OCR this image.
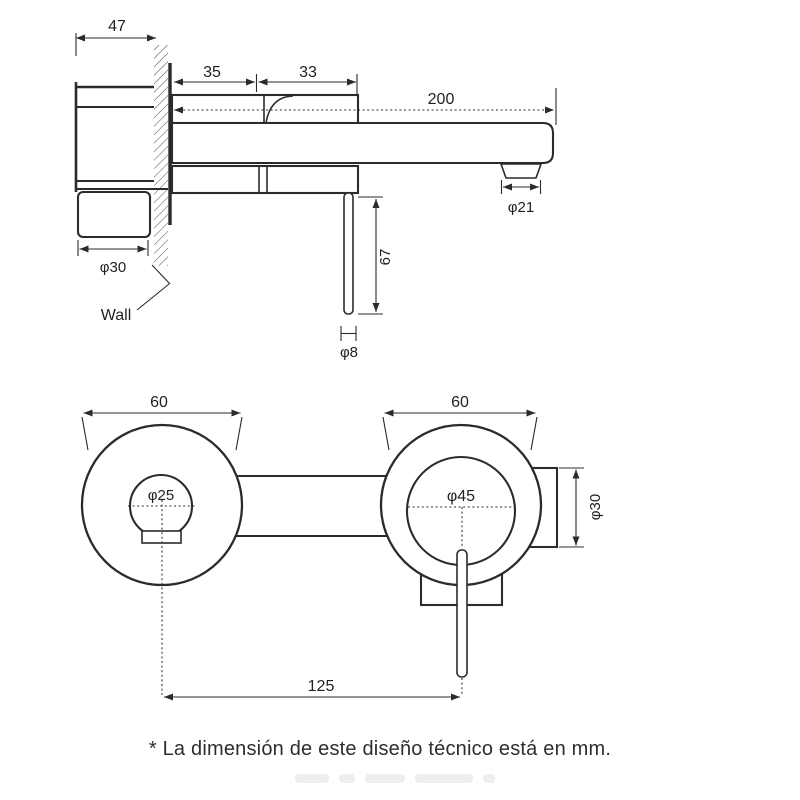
47
35	33
200
φ21
67
φ8
φ30
Wall
60	60
φ25	φ45	φ30
125
* La dimensión de este diseño técnico está en mm.
